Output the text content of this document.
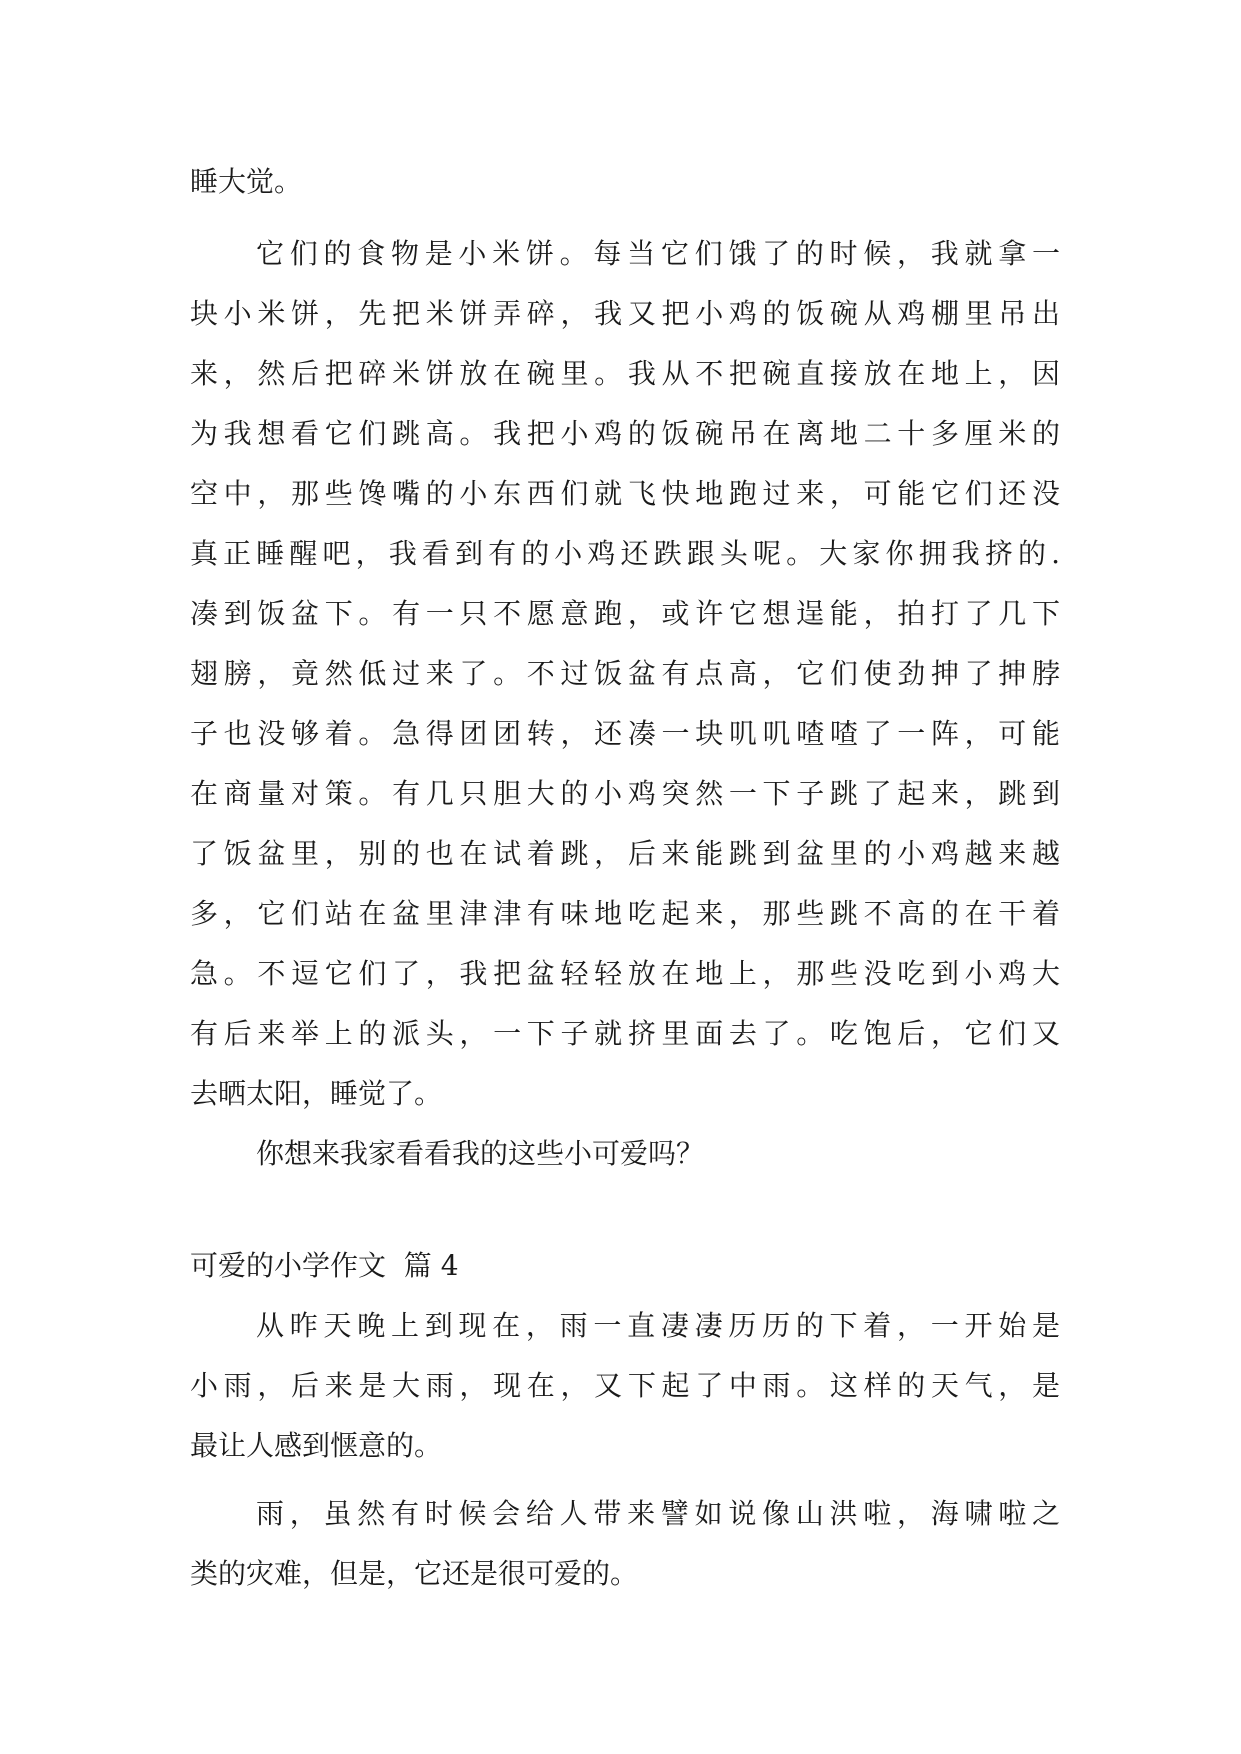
睡大觉。

它们的食物是小米饼。每当它们饿了的时候，我就拿一
块小米饼，先把米饼弄碎，我又把小鸡的饭碗从鸡棚里吊出
来，然后把碎米饼放在碗里。我从不把碗直接放在地上，因
为我想看它们跳高。我把小鸡的饭碗吊在离地二十多厘米的
空中，那些馋嘴的小东西们就飞快地跑过来，可能它们还没
真正睡醒吧，我看到有的小鸡还跌跟头呢。大家你拥我挤的.
凑到饭盆下。有一只不愿意跑，或许它想逞能，拍打了几下
翅膀，竟然低过来了。不过饭盆有点高，它们使劲抻了抻脖
子也没够着。急得团团转，还凑一块叽叽喳喳了一阵，可能
在商量对策。有几只胆大的小鸡突然一下子跳了起来，跳到
了饭盆里，别的也在试着跳，后来能跳到盆里的小鸡越来越
多，它们站在盆里津津有味地吃起来，那些跳不高的在干着
急。不逗它们了，我把盆轻轻放在地上，那些没吃到小鸡大
有后来举上的派头，一下子就挤里面去了。吃饱后，它们又
去晒太阳，睡觉了。

你想来我家看看我的这些小可爱吗？

可爱的小学作文  篇 4

从昨天晚上到现在，雨一直凄凄历历的下着，一开始是
小雨，后来是大雨，现在，又下起了中雨。这样的天气，是
最让人感到惬意的。

雨，虽然有时候会给人带来譬如说像山洪啦，海啸啦之
类的灾难，但是，它还是很可爱的。
